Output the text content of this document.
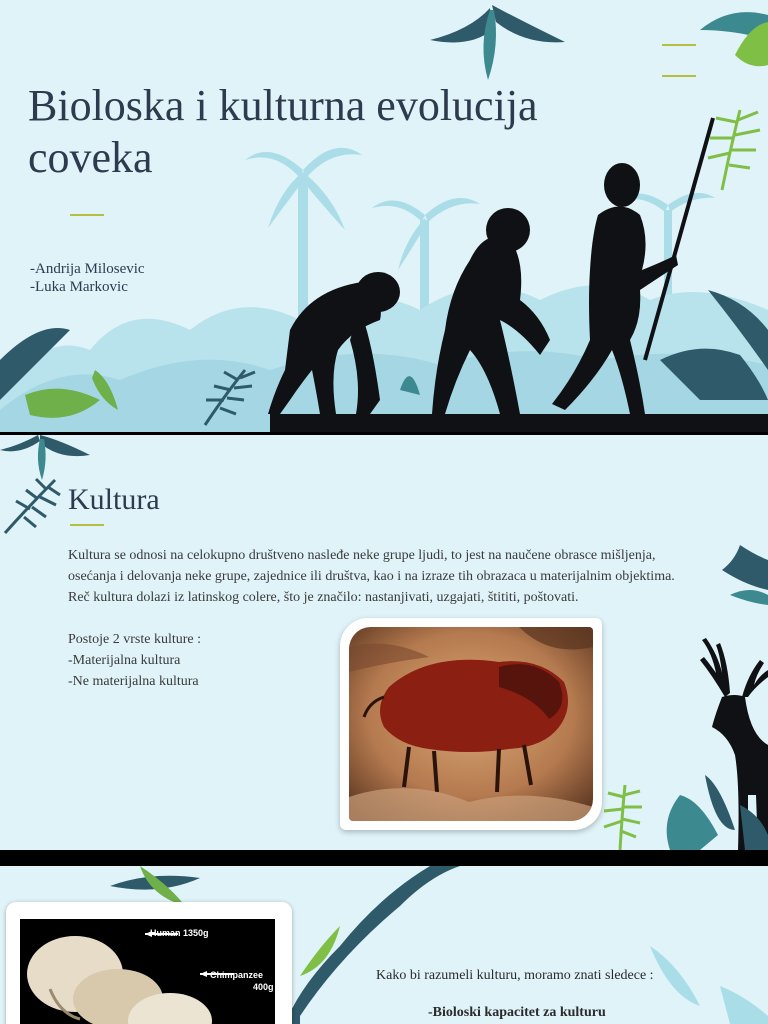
Bioloska i kulturna evolucija coveka
-Andrija Milosevic
-Luka Markovic
Kultura

Kultura se odnosi na celokupno društveno nasleđe neke grupe ljudi, to jest na naučene obrasce mišljenja, osećanja i delovanja neke grupe, zajednice ili društva, kao i na izraze tih obrazaca u materijalnim objektima. Reč kultura dolazi iz latinskog colere, što je značilo: nastanjivati, uzgajati, štititi, poštovati.

Postoje 2 vrste kulture :

-Materijalna kultura

-Ne materijalna kultura

Human 1350g
Chimpanzee
400g
Kako bi razumeli kulturu, moramo znati sledece :
-Bioloski kapacitet za kulturu
